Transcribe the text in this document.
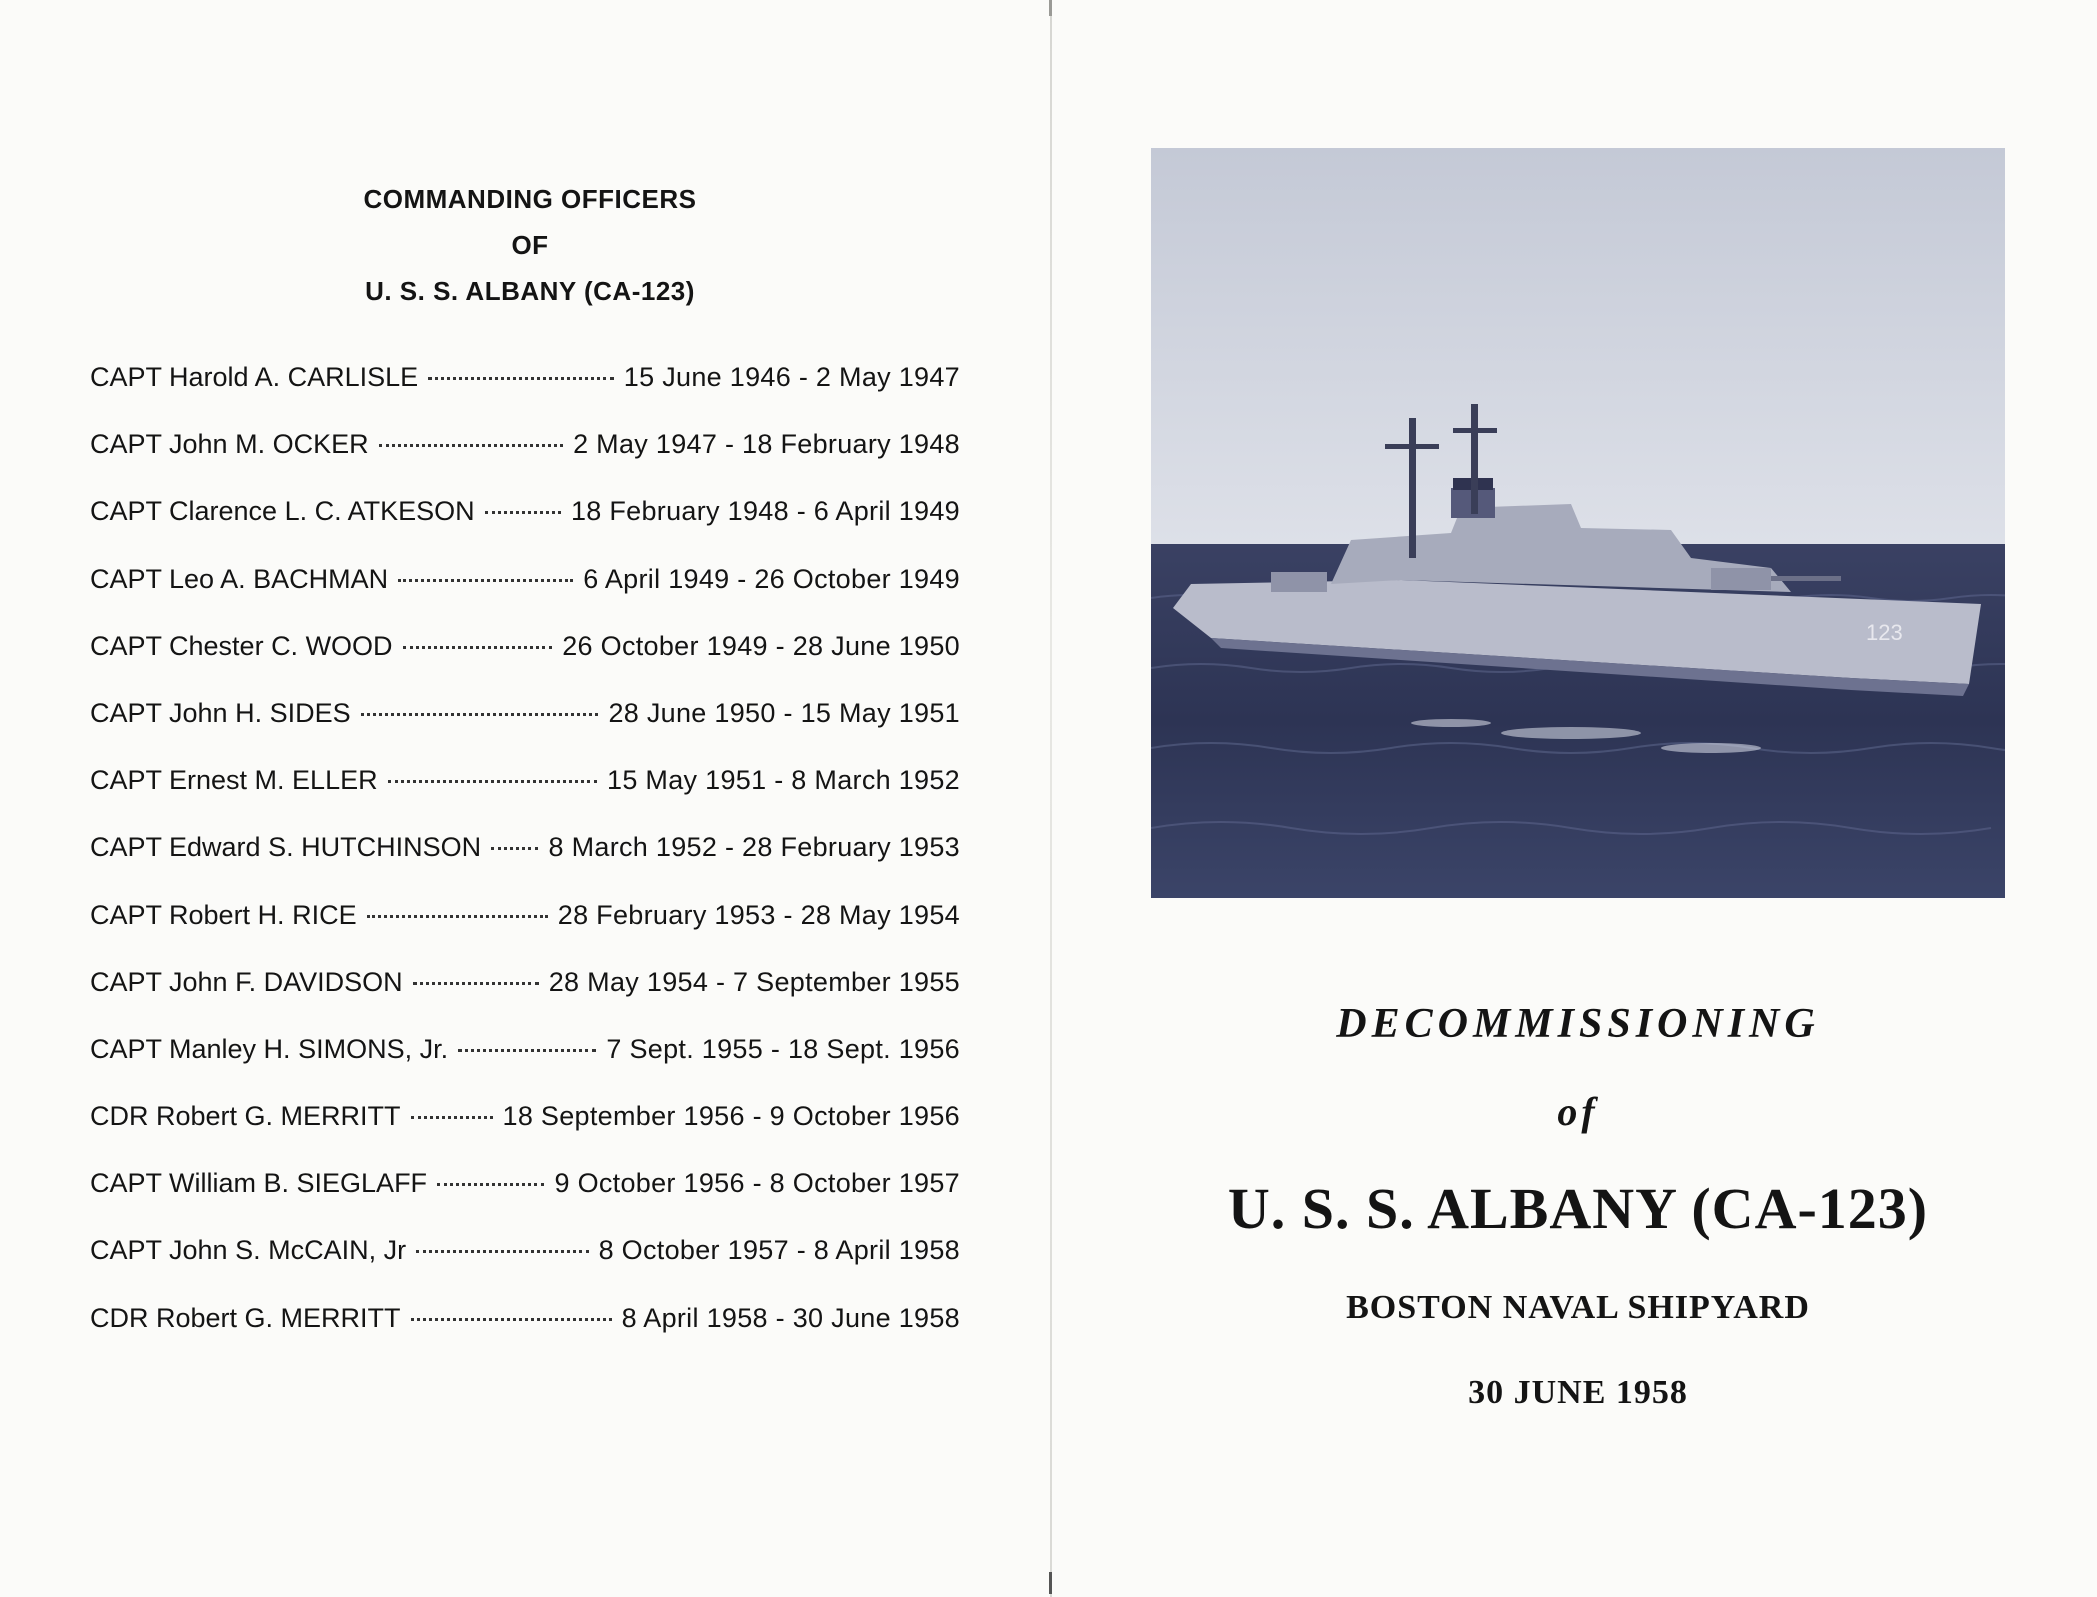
COMMANDING OFFICERS
OF
U. S. S. ALBANY (CA-123)
CAPT Harold A. CARLISLE	15 June 1946 - 2 May 1947
CAPT John M. OCKER	2 May 1947 - 18 February 1948
CAPT Clarence L. C. ATKESON	18 February 1948 - 6 April 1949
CAPT Leo A. BACHMAN	6 April 1949 - 26 October 1949
CAPT Chester C. WOOD	26 October 1949 - 28 June 1950
CAPT John H. SIDES	28 June 1950 - 15 May 1951
CAPT Ernest M. ELLER	15 May 1951 - 8 March 1952
CAPT Edward S. HUTCHINSON 8 March 1952 - 28 February 1953
CAPT Robert H. RICE	28 February 1953 - 28 May 1954
CAPT John F. DAVIDSON	28 May 1954 - 7 September 1955
CAPT Manley H. SIMONS, Jr.	7 Sept. 1955 - 18 Sept. 1956
CDR Robert G. MERRITT	18 September 1956 - 9 October 1956
CAPT William B. SIEGLAFF	9 October 1956 - 8 October 1957
CAPT John S. McCAIN, Jr	8 October 1957 - 8 April 1958
CDR Robert G. MERRITT	8 April 1958 - 30 June 1958
123
DECOMMISSIONING
of
U. S. S. ALBANY (CA-123)
BOSTON NAVAL SHIPYARD
30 JUNE 1958
